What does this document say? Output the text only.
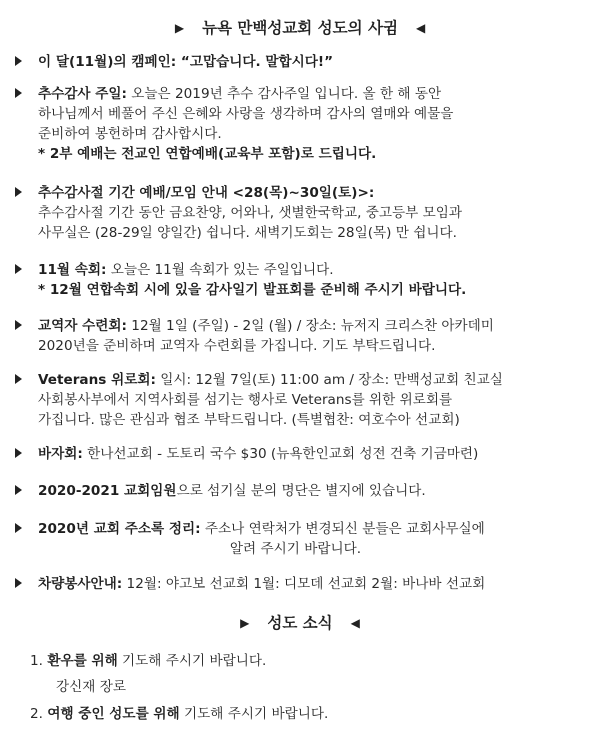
▶ 뉴욕 만백성교회 성도의 사귐 ◀
이 달(11월)의 캠페인: “고맙습니다. 말합시다!”
추수감사 주일: 오늘은 2019년 추수 감사주일 입니다. 올 한 해 동안
하나님께서 베풀어 주신 은혜와 사랑을 생각하며 감사의 열매와 예물을
준비하여 봉헌하며 감사합시다.
* 2부 예배는 전교인 연합예배(교육부 포함)로 드립니다.
추수감사절 기간 예배/모임 안내 <28(목)~30일(토)>:
추수감사절 기간 동안 금요찬양, 어와나, 샛별한국학교, 중고등부 모임과
사무실은 (28-29일 양일간) 쉽니다. 새벽기도회는 28일(목) 만 쉽니다.
11월 속회: 오늘은 11월 속회가 있는 주일입니다.
* 12월 연합속회 시에 있을 감사일기 발표회를 준비해 주시기 바랍니다.
교역자 수련회: 12월 1일 (주일) - 2일 (월) / 장소: 뉴저지 크리스찬 아카데미
2020년을 준비하며 교역자 수련회를 가집니다. 기도 부탁드립니다.
Veterans 위로회: 일시: 12월 7일(토) 11:00 am / 장소: 만백성교회 친교실
사회봉사부에서 지역사회를 섬기는 행사로 Veterans를 위한 위로회를
가집니다. 많은 관심과 협조 부탁드립니다. (특별협찬: 여호수아 선교회)
바자회: 한나선교회 - 도토리 국수 $30 (뉴욕한인교회 성전 건축 기금마련)
2020-2021 교회임원으로 섬기실 분의 명단은 별지에 있습니다.
2020년 교회 주소록 정리: 주소나 연락처가 변경되신 분들은 교회사무실에

알려 주시기 바랍니다.
차량봉사안내: 12월: 야고보 선교회 1월: 디모데 선교회 2월: 바나바 선교회
▶ 성도 소식 ◀
1. 환우를 위해 기도해 주시기 바랍니다.
강신재 장로
2. 여행 중인 성도를 위해 기도해 주시기 바랍니다.
